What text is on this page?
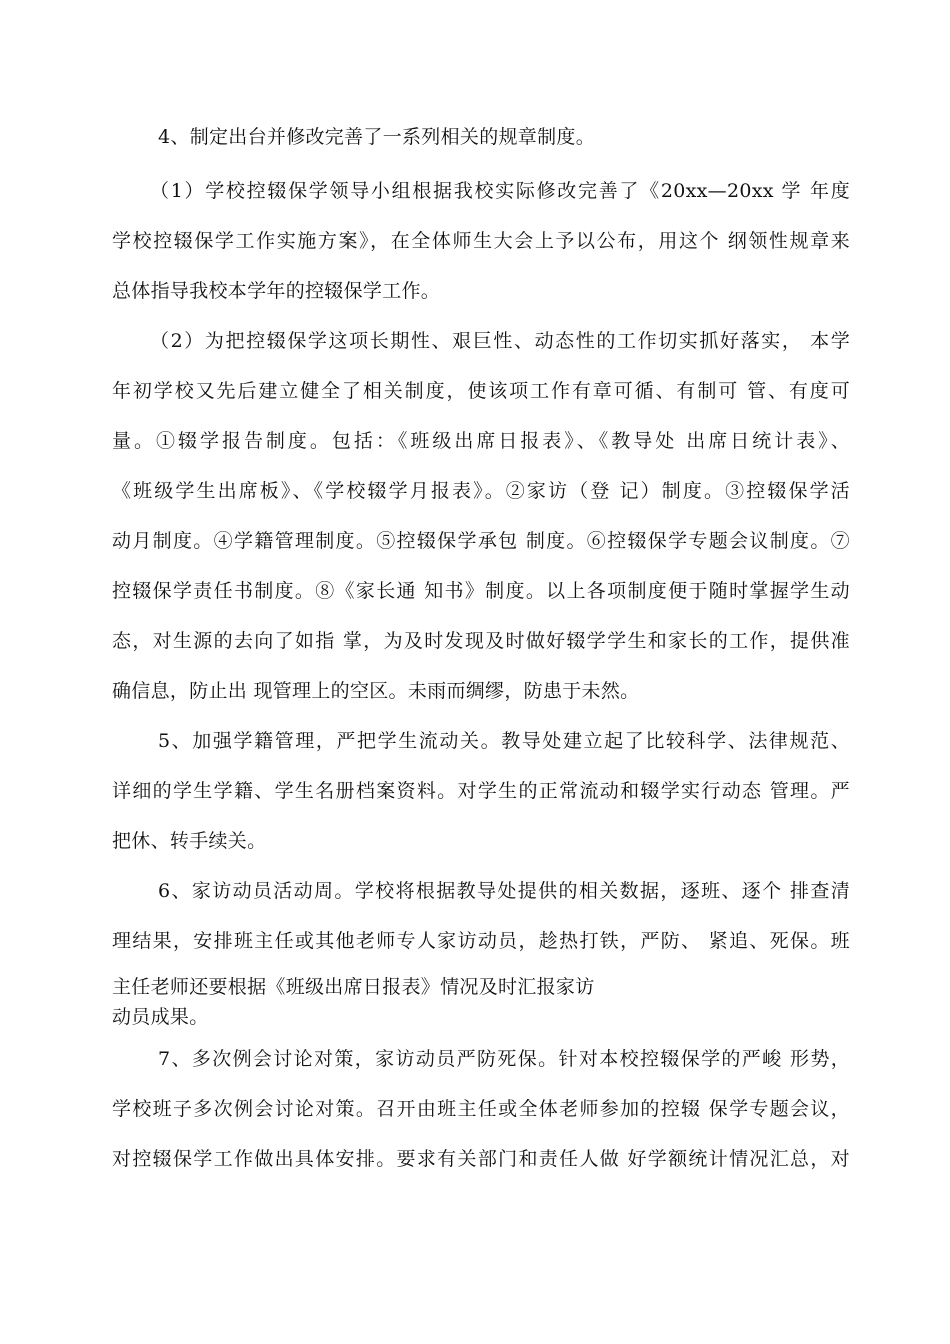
4、制定出台并修改完善了一系列相关的规章制度。
（1）学校控辍保学领导小组根据我校实际修改完善了《20xx—20xx 学 年度
学校控辍保学工作实施方案》，在全体师生大会上予以公布，用这个 纲领性规章来
总体指导我校本学年的控辍保学工作。
（2）为把控辍保学这项长期性、艰巨性、动态性的工作切实抓好落实， 本学
年初学校又先后建立健全了相关制度，使该项工作有章可循、有制可 管、有度可
量。①辍学报告制度。包括：《班级出席日报表》、《教导处 出席日统计表》、
《班级学生出席板》、《学校辍学月报表》。②家访（登 记）制度。③控辍保学活
动月制度。④学籍管理制度。⑤控辍保学承包 制度。⑥控辍保学专题会议制度。⑦
控辍保学责任书制度。⑧《家长通 知书》制度。以上各项制度便于随时掌握学生动
态，对生源的去向了如指 掌，为及时发现及时做好辍学学生和家长的工作，提供准
确信息，防止出 现管理上的空区。未雨而绸缪，防患于未然。
5、加强学籍管理，严把学生流动关。教导处建立起了比较科学、法律规范、
详细的学生学籍、学生名册档案资料。对学生的正常流动和辍学实行动态 管理。严
把休、转手续关。
6、家访动员活动周。学校将根据教导处提供的相关数据，逐班、逐个 排查清
理结果，安排班主任或其他老师专人家访动员，趁热打铁，严防、 紧追、死保。班
主任老师还要根据《班级出席日报表》情况及时汇报家访
动员成果。
7、多次例会讨论对策，家访动员严防死保。针对本校控辍保学的严峻 形势，
学校班子多次例会讨论对策。召开由班主任或全体老师参加的控辍 保学专题会议，
对控辍保学工作做出具体安排。要求有关部门和责任人做 好学额统计情况汇总，对
